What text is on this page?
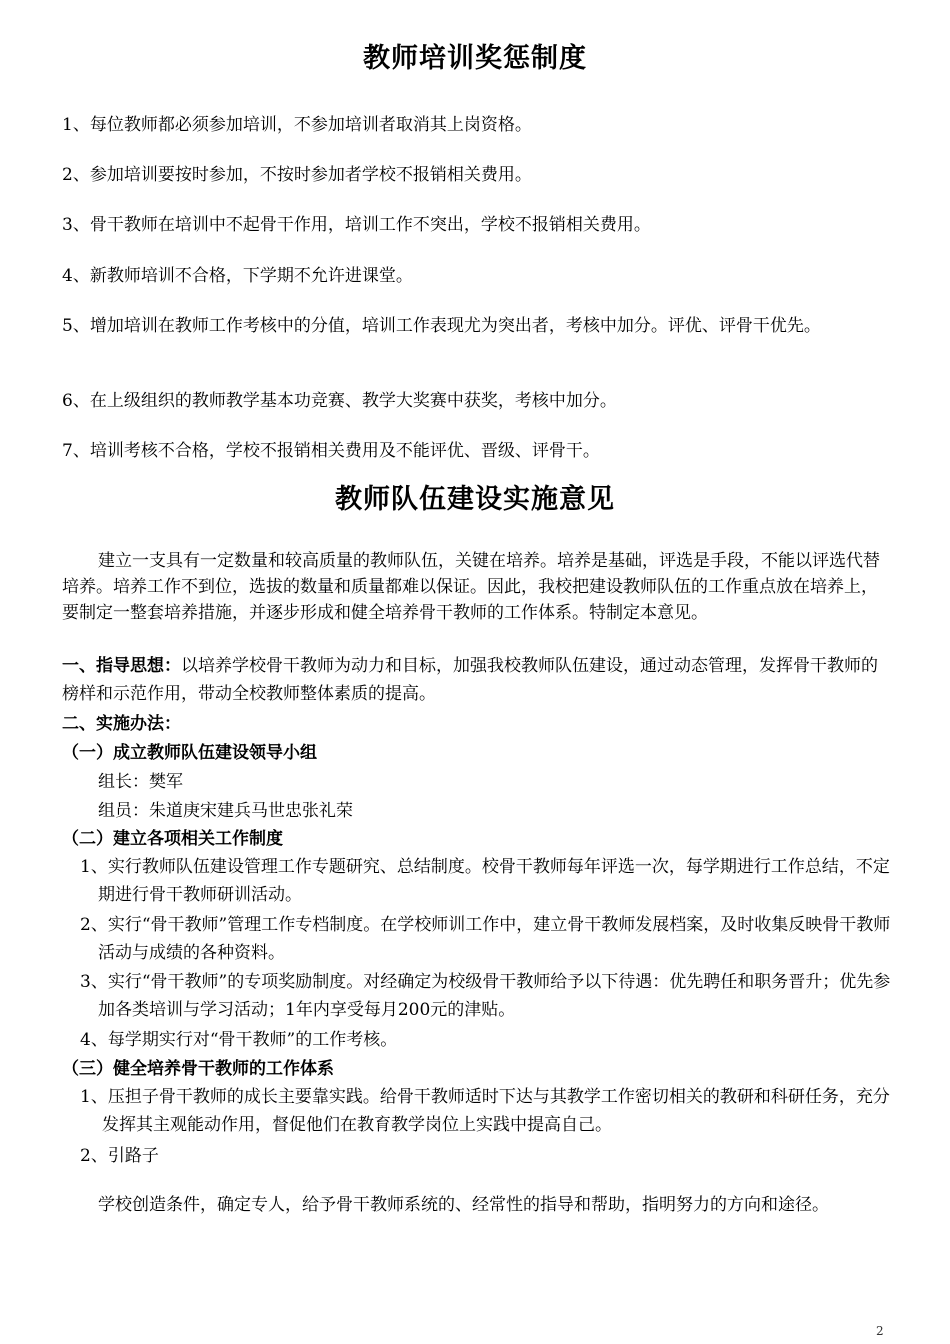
教师培训奖惩制度
1、每位教师都必须参加培训，不参加培训者取消其上岗资格。
2、参加培训要按时参加，不按时参加者学校不报销相关费用。
3、骨干教师在培训中不起骨干作用，培训工作不突出，学校不报销相关费用。
4、新教师培训不合格，下学期不允许进课堂。
5、增加培训在教师工作考核中的分值，培训工作表现尤为突出者，考核中加分。评优、评骨干优先。
6、在上级组织的教师教学基本功竞赛、教学大奖赛中获奖，考核中加分。
7、培训考核不合格，学校不报销相关费用及不能评优、晋级、评骨干。
教师队伍建设实施意见
建立一支具有一定数量和较高质量的教师队伍，关键在培养。培养是基础，评选是手段，不能以评选代替培养。培养工作不到位，选拔的数量和质量都难以保证。因此，我校把建设教师队伍的工作重点放在培养上，要制定一整套培养措施，并逐步形成和健全培养骨干教师的工作体系。特制定本意见。
一、指导思想：以培养学校骨干教师为动力和目标，加强我校教师队伍建设，通过动态管理，发挥骨干教师的榜样和示范作用，带动全校教师整体素质的提高。
二、实施办法：
（一）成立教师队伍建设领导小组
组长：樊军
组员：朱道庚宋建兵马世忠张礼荣
（二）建立各项相关工作制度
1、实行教师队伍建设管理工作专题研究、总结制度。校骨干教师每年评选一次，每学期进行工作总结，不定期进行骨干教师研训活动。
2、实行“骨干教师”管理工作专档制度。在学校师训工作中，建立骨干教师发展档案，及时收集反映骨干教师活动与成绩的各种资料。
3、实行“骨干教师”的专项奖励制度。对经确定为校级骨干教师给予以下待遇：优先聘任和职务晋升；优先参加各类培训与学习活动；1年内享受每月200元的津贴。
4、每学期实行对“骨干教师”的工作考核。
（三）健全培养骨干教师的工作体系
1、压担子骨干教师的成长主要靠实践。给骨干教师适时下达与其教学工作密切相关的教研和科研任务，充分发挥其主观能动作用，督促他们在教育教学岗位上实践中提高自己。
2、引路子
学校创造条件，确定专人，给予骨干教师系统的、经常性的指导和帮助，指明努力的方向和途径。
2
